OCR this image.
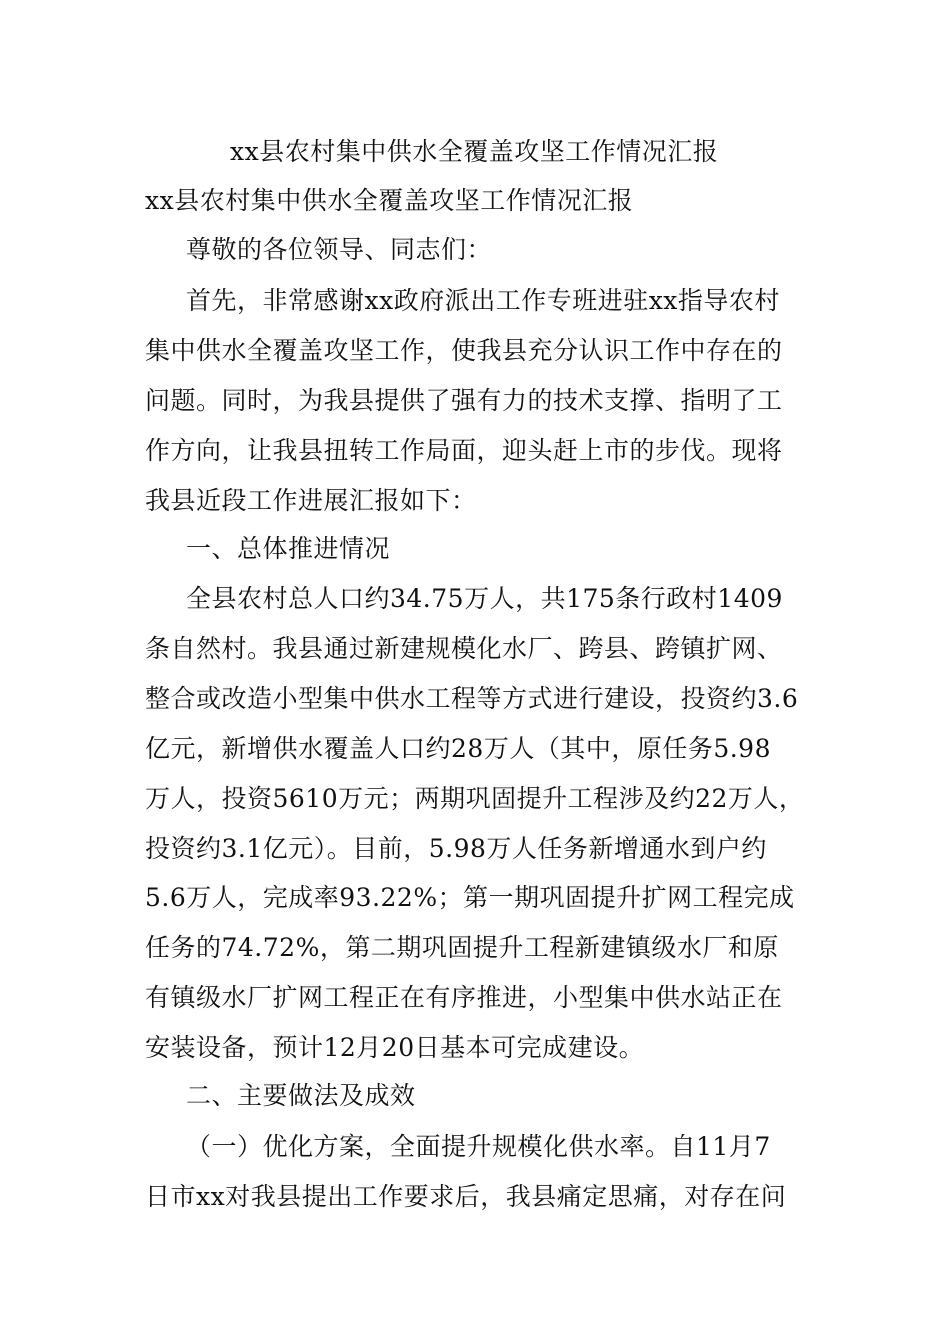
xx县农村集中供水全覆盖攻坚工作情况汇报
xx县农村集中供水全覆盖攻坚工作情况汇报
尊敬的各位领导、同志们：
首先，非常感谢xx政府派出工作专班进驻xx指导农村
集中供水全覆盖攻坚工作，使我县充分认识工作中存在的
问题。同时，为我县提供了强有力的技术支撑、指明了工
作方向，让我县扭转工作局面，迎头赶上市的步伐。现将
我县近段工作进展汇报如下：
一、总体推进情况
全县农村总人口约34.75万人，共175条行政村1409
条自然村。我县通过新建规模化水厂、跨县、跨镇扩网、
整合或改造小型集中供水工程等方式进行建设，投资约3.6
亿元，新增供水覆盖人口约28万人（其中，原任务5.98
万人，投资5610万元；两期巩固提升工程涉及约22万人，
投资约3.1亿元）。目前，5.98万人任务新增通水到户约
5.6万人，完成率93.22%；第一期巩固提升扩网工程完成
任务的74.72%，第二期巩固提升工程新建镇级水厂和原
有镇级水厂扩网工程正在有序推进，小型集中供水站正在
安装设备，预计12月20日基本可完成建设。
二、主要做法及成效
（一）优化方案，全面提升规模化供水率。自11月7
日市xx对我县提出工作要求后，我县痛定思痛，对存在问
